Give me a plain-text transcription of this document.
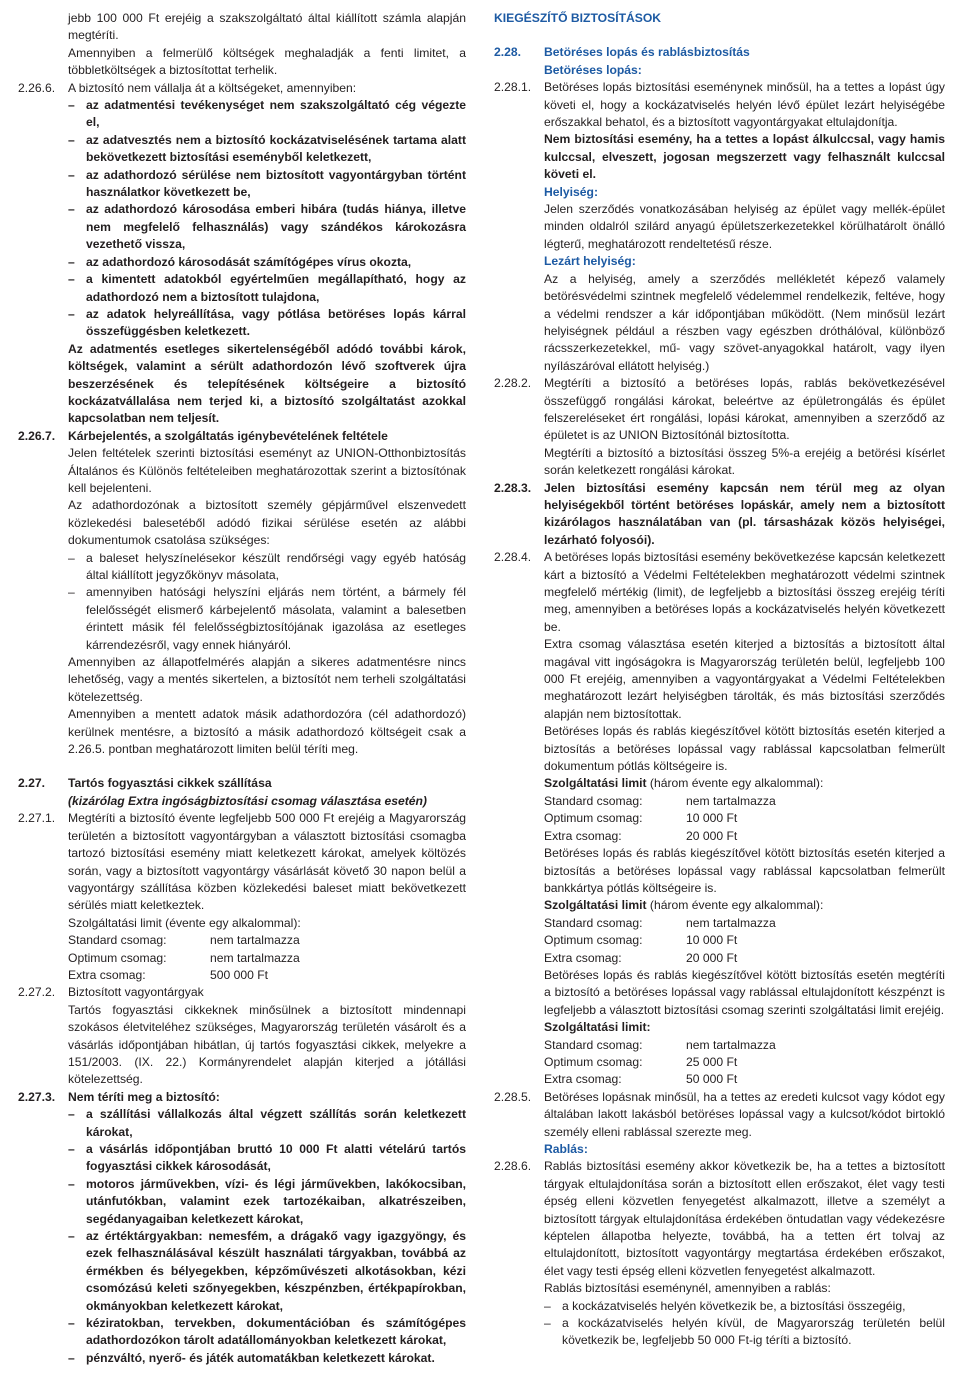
jebb 100 000 Ft erejéig a szakszolgáltató által kiállított számla alapján megtéríti.
Amennyiben a felmerülő költségek meghaladják a fenti limitet, a többletköltségek a biztosítottat terhelik.
2.26.6. A biztosító nem vállalja át a költségeket, amennyiben:
– az adatmentési tevékenységet nem szakszolgáltató cég végezte el,
– az adatvesztés nem a biztosító kockázatviselésének tartama alatt bekövetkezett biztosítási eseményből keletkezett,
– az adathordozó sérülése nem biztosított vagyontárgyban történt használatkor következett be,
– az adathordozó károsodása emberi hibára (tudás hiánya, illetve nem megfelelő felhasználás) vagy szándékos károkozásra vezethető vissza,
– az adathordozó károsodását számítógépes vírus okozta,
– a kimentett adatokból egyértelműen megállapítható, hogy az adathordozó nem a biztosított tulajdona,
– az adatok helyreállítása, vagy pótlása betöréses lopás kárral összefüggésben keletkezett.
Az adatmentés esetleges sikertelenségéből adódó további károk, költségek, valamint a sérült adathordozón lévő szoftverek újra beszerzésének és telepítésének költségeire a biztosító kockázatvállalása nem terjed ki, a biztosító szolgáltatást azokkal kapcsolatban nem teljesít.
2.26.7. Kárbejelentés, a szolgáltatás igénybevételének feltétele
Jelen feltételek szerinti biztosítási eseményt az UNION-Otthonbiztosítás Általános és Különös feltételeiben meghatározottak szerint a biztosítónak kell bejelenteni.
Az adathordozónak a biztosított személy gépjárművel elszenvedett közlekedési balesetéből adódó fizikai sérülése esetén az alábbi dokumentumok csatolása szükséges:
– a baleset helyszínelésekor készült rendőrségi vagy egyéb hatóság által kiállított jegyzőkönyv másolata,
– amennyiben hatósági helyszíni eljárás nem történt, a bármely fél felelősségét elismerő kárbejelentő másolata, valamint a balesetben érintett másik fél felelősségbiztosítójának igazolása az esetleges kárrendezésről, vagy ennek hiányáról.
Amennyiben az állapotfelmérés alapján a sikeres adatmentésre nincs lehetőség, vagy a mentés sikertelen, a biztosítót nem terheli szolgáltatási kötelezettség.
Amennyiben a mentett adatok másik adathordozóra (cél adathordozó) kerülnek mentésre, a biztosító a másik adathordozó költségeit csak a 2.26.5. pontban meghatározott limiten belül téríti meg.
2.27. Tartós fogyasztási cikkek szállítása
(kizárólag Extra ingóságbiztosítási csomag választása esetén)
2.27.1. Megtéríti a biztosító évente legfeljebb 500 000 Ft erejéig a Magyarország területén a biztosított vagyontárgyban a választott biztosítási csomagba tartozó biztosítási esemény miatt keletkezett károkat, amelyek költözés során, vagy a biztosított vagyontárgy vásárlását követő 30 napon belül a vagyontárgy szállítása közben közlekedési baleset miatt bekövetkezett sérülés miatt keletkeztek.
Szolgáltatási limit (évente egy alkalommal):
Standard csomag:	nem tartalmazza
Optimum csomag:	nem tartalmazza
Extra csomag:	500 000 Ft
2.27.2. Biztosított vagyontárgyak
Tartós fogyasztási cikkeknek minősülnek a biztosított mindennapi szokásos életviteléhez szükséges, Magyarország területén vásárolt és a vásárlás időpontjában hibátlan, új tartós fogyasztási cikkek, melyekre a 151/2003. (IX. 22.) Kormányrendelet alapján kiterjed a jótállási kötelezettség.
2.27.3. Nem téríti meg a biztosító:
– a szállítási vállalkozás által végzett szállítás során keletkezett károkat,
– a vásárlás időpontjában bruttó 10 000 Ft alatti vételárú tartós fogyasztási cikkek károsodását,
– motoros járművekben, vízi- és légi járművekben, lakókocsiban, utánfutókban, valamint ezek tartozékaiban, alkatrészeiben, segédanyagaiban keletkezett károkat,
– az értéktárgyakban: nemesfém, a drágakő vagy igazgyöngy, és ezek felhasználásával készült használati tárgyakban, továbbá az érmékben és bélyegekben, képzőművészeti alkotásokban, kézi csomózású keleti szőnyegekben, készpénzben, értékpapírokban, okmányokban keletkezett károkat,
– kéziratokban, tervekben, dokumentációban és számítógépes adathordozókon tárolt adatállományokban keletkezett károkat,
– pénzváltó, nyerő- és játék automatákban keletkezett károkat.
KIEGÉSZÍTŐ BIZTOSÍTÁSOK
2.28. Betöréses lopás és rablásbiztosítás
Betöréses lopás:
2.28.1. Betöréses lopás biztosítási eseménynek minősül, ha a tettes a lopást úgy követi el, hogy a kockázatviselés helyén lévő épület lezárt helyiségébe erőszakkal behatol, és a biztosított vagyontárgyakat eltulajdonítja.
Nem biztosítási esemény, ha a tettes a lopást álkulccsal, vagy hamis kulccsal, elveszett, jogosan megszerzett vagy felhasznált kulccsal követi el.
Helyiség:
Jelen szerződés vonatkozásában helyiség az épület vagy mellék-épület minden oldalról szilárd anyagú épületszerkezetekkel körülhatárolt önálló légterű, meghatározott rendeltetésű része.
Lezárt helyiség:
Az a helyiség, amely a szerződés mellékletét képező valamely betörésvédelmi szintnek megfelelő védelemmel rendelkezik, feltéve, hogy a védelmi rendszer a kár időpontjában működött. (Nem minősül lezárt helyiségnek például a részben vagy egészben dróthálóval, különböző rácsszerkezetekkel, mű- vagy szövet-anyagokkal határolt, vagy ilyen nyílászáróval ellátott helyiség.)
2.28.2. Megtéríti a biztosító a betöréses lopás, rablás bekövetkezésével összefüggő rongálási károkat, beleértve az épületrongálás és épület felszereléseket ért rongálási, lopási károkat, amennyiben a szerződő az épületet is az UNION Biztosítónál biztosította.
Megtéríti a biztosító a biztosítási összeg 5%-a erejéig a betörési kísérlet során keletkezett rongálási károkat.
2.28.3. Jelen biztosítási esemény kapcsán nem térül meg az olyan helyiségekből történt betöréses lopáskár, amely nem a biztosított kizárólagos használatában van (pl. társasházak közös helyiségei, lezárható folyosói).
2.28.4. A betöréses lopás biztosítási esemény bekövetkezése kapcsán keletkezett kárt a biztosító a Védelmi Feltételekben meghatározott védelmi szintnek megfelelő mértékig (limit), de legfeljebb a biztosítási összeg erejéig téríti meg, amennyiben a betöréses lopás a kockázatviselés helyén következett be.
Extra csomag választása esetén kiterjed a biztosítás a biztosított által magával vitt ingóságokra is Magyarország területén belül, legfeljebb 100 000 Ft erejéig, amennyiben a vagyontárgyakat a Védelmi Feltételekben meghatározott lezárt helyiségben tárolták, és más biztosítási szerződés alapján nem biztosítottak.
Betöréses lopás és rablás kiegészítővel kötött biztosítás esetén kiterjed a biztosítás a betöréses lopással vagy rablással kapcsolatban felmerült dokumentum pótlás költségeire is.
Szolgáltatási limit (három évente egy alkalommal):
Standard csomag:	nem tartalmazza
Optimum csomag:	10 000 Ft
Extra csomag:	20 000 Ft
Betöréses lopás és rablás kiegészítővel kötött biztosítás esetén kiterjed a biztosítás a betöréses lopással vagy rablással kapcsolatban felmerült bankkártya pótlás költségeire is.
Szolgáltatási limit (három évente egy alkalommal):
Standard csomag:	nem tartalmazza
Optimum csomag:	10 000 Ft
Extra csomag:	20 000 Ft
Betöréses lopás és rablás kiegészítővel kötött biztosítás esetén megtéríti a biztosító a betöréses lopással vagy rablással eltulajdonított készpénzt is legfeljebb a választott biztosítási csomag szerinti szolgáltatási limit erejéig.
Szolgáltatási limit:
Standard csomag:	nem tartalmazza
Optimum csomag:	25 000 Ft
Extra csomag:	50 000 Ft
2.28.5. Betöréses lopásnak minősül, ha a tettes az eredeti kulcsot vagy kódot egy általában lakott lakásból betöréses lopással vagy a kulcsot/kódot birtokló személy elleni rablással szerezte meg.
Rablás:
2.28.6. Rablás biztosítási esemény akkor következik be, ha a tettes a biztosított tárgyak eltulajdonítása során a biztosított ellen erőszakot, élet vagy testi épség elleni közvetlen fenyegetést alkalmazott, illetve a személyt a biztosított tárgyak eltulajdonítása érdekében öntudatlan vagy védekezésre képtelen állapotba helyezte, továbbá, ha a tetten ért tolvaj az eltulajdonított, biztosított vagyontárgy megtartása érdekében erőszakot, élet vagy testi épség elleni közvetlen fenyegetést alkalmazott.
Rablás biztosítási eseménynél, amennyiben a rablás:
– a kockázatviselés helyén következik be, a biztosítási összegéig,
– a kockázatviselés helyén kívül, de Magyarország területén belül következik be, legfeljebb 50 000 Ft-ig téríti a biztosító.
